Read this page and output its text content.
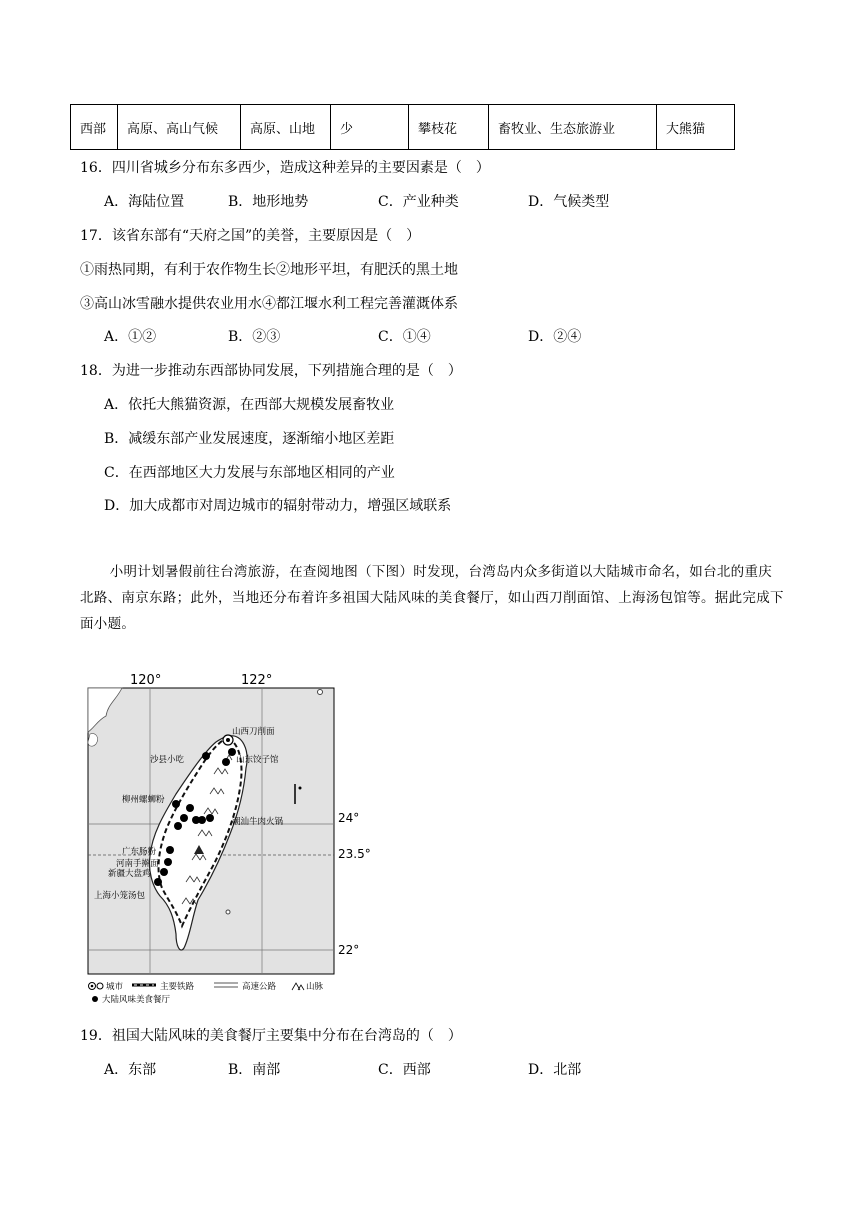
西部	高原、高山气候	高原、山地	少	攀枝花	畜牧业、生态旅游业	大熊猫
16．四川省城乡分布东多西少，造成这种差异的主要因素是（　）
A．海陆位置	B．地形地势	C．产业种类	D．气候类型
17．该省东部有“天府之国”的美誉，主要原因是（　）
①雨热同期，有利于农作物生长②地形平坦，有肥沃的黑土地
③高山冰雪融水提供农业用水④都江堰水利工程完善灌溉体系
A．①②	B．②③	C．①④	D．②④
18．为进一步推动东西部协同发展，下列措施合理的是（　）
A．依托大熊猫资源，在西部大规模发展畜牧业
B．减缓东部产业发展速度，逐渐缩小地区差距
C．在西部地区大力发展与东部地区相同的产业
D．加大成都市对周边城市的辐射带动力，增强区域联系
小明计划暑假前往台湾旅游，在查阅地图（下图）时发现，台湾岛内众多街道以大陆城市命名，如台北的重庆北路、南京东路；此外，当地还分布着许多祖国大陆风味的美食餐厅，如山西刀削面馆、上海汤包馆等。据此完成下面小题。
120°	122°
24°
23.5°
22°
山西刀削面
沙县小吃	山东饺子馆
柳州螺蛳粉
潮汕牛肉火锅
广东肠粉
河南手擀面
新疆大盘鸡
上海小笼汤包
城市	主要铁路	高速公路	山脉
大陆风味美食餐厅
19．祖国大陆风味的美食餐厅主要集中分布在台湾岛的（　）
A．东部	B．南部	C．西部	D．北部
